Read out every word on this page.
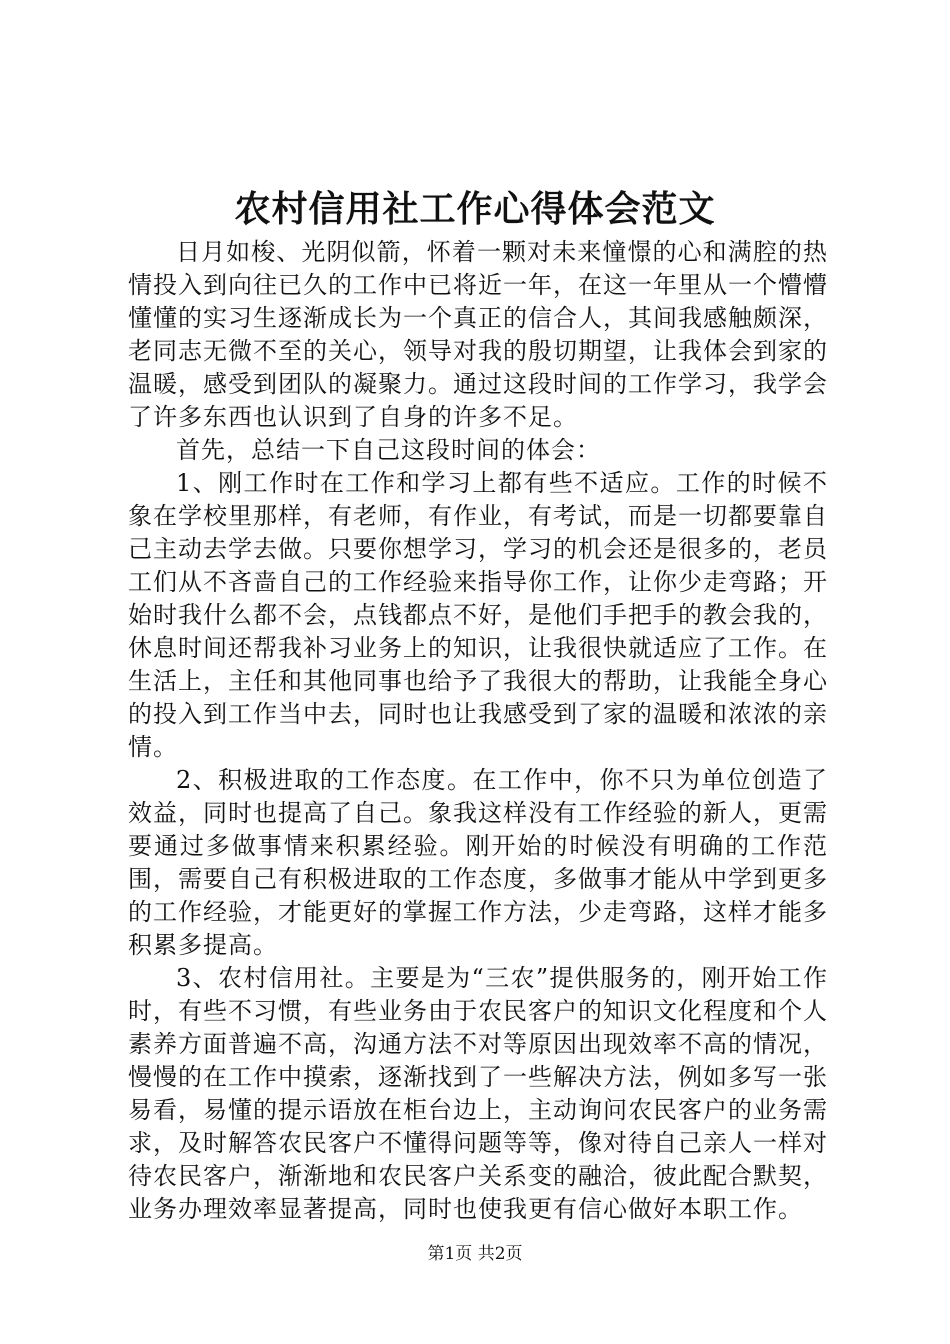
农村信用社工作心得体会范文

日月如梭、光阴似箭，怀着一颗对未来憧憬的心和满腔的热情投入到向往已久的工作中已将近一年，在这一年里从一个懵懵懂懂的实习生逐渐成长为一个真正的信合人，其间我感触颇深，老同志无微不至的关心，领导对我的殷切期望，让我体会到家的温暖，感受到团队的凝聚力。通过这段时间的工作学习，我学会了许多东西也认识到了自身的许多不足。

首先，总结一下自己这段时间的体会：

1、刚工作时在工作和学习上都有些不适应。工作的时候不象在学校里那样，有老师，有作业，有考试，而是一切都要靠自己主动去学去做。只要你想学习，学习的机会还是很多的，老员工们从不吝啬自己的工作经验来指导你工作，让你少走弯路；开始时我什么都不会，点钱都点不好，是他们手把手的教会我的，休息时间还帮我补习业务上的知识，让我很快就适应了工作。在生活上，主任和其他同事也给予了我很大的帮助，让我能全身心的投入到工作当中去，同时也让我感受到了家的温暖和浓浓的亲情。

2、积极进取的工作态度。在工作中，你不只为单位创造了效益，同时也提高了自己。象我这样没有工作经验的新人，更需要通过多做事情来积累经验。刚开始的时候没有明确的工作范围，需要自己有积极进取的工作态度，多做事才能从中学到更多的工作经验，才能更好的掌握工作方法，少走弯路，这样才能多积累多提高。

3、农村信用社。主要是为“三农”提供服务的，刚开始工作时，有些不习惯，有些业务由于农民客户的知识文化程度和个人素养方面普遍不高，沟通方法不对等原因出现效率不高的情况，慢慢的在工作中摸索，逐渐找到了一些解决方法，例如多写一张易看，易懂的提示语放在柜台边上，主动询问农民客户的业务需求，及时解答农民客户不懂得问题等等，像对待自己亲人一样对待农民客户，渐渐地和农民客户关系变的融洽，彼此配合默契，业务办理效率显著提高，同时也使我更有信心做好本职工作。

第1页 共2页
